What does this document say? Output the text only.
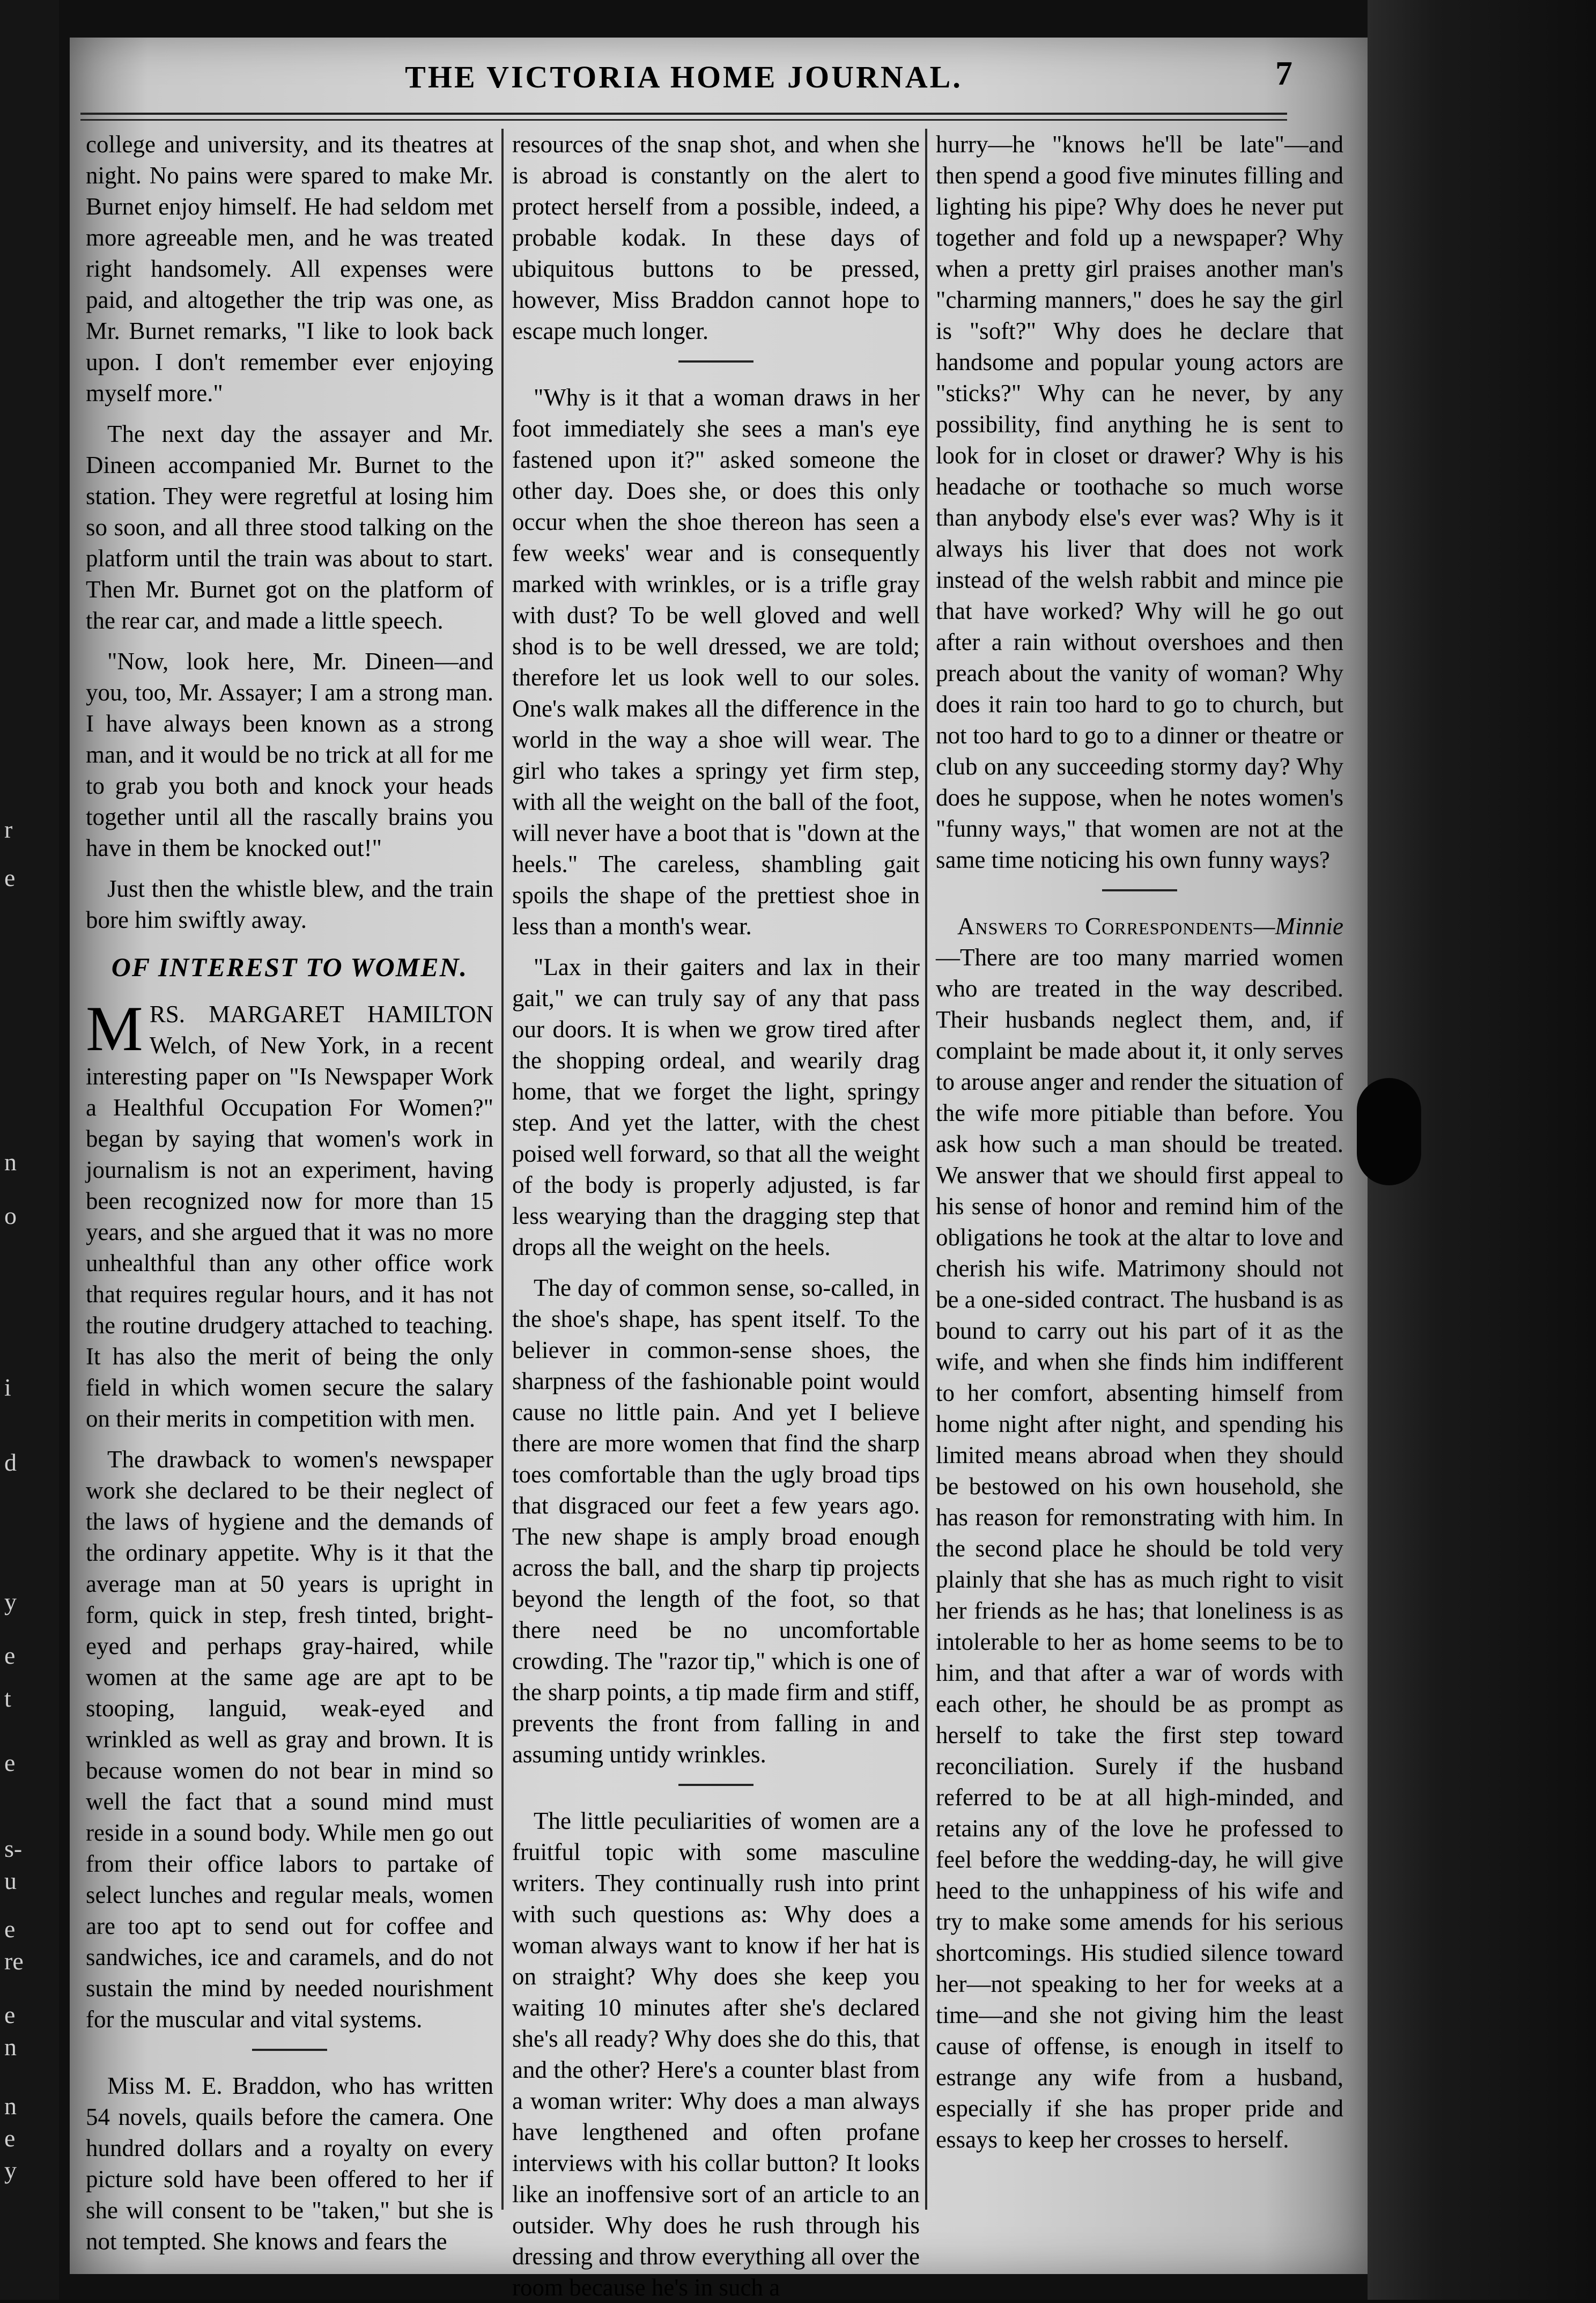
r
e
n
o
i
d
y
e
t
e
s-
u
e
re
e
n
n
e
y
THE VICTORIA HOME JOURNAL.	7

college and university, and its theatres at night. No pains were spared to make Mr. Burnet enjoy himself. He had seldom met more agreeable men, and he was treated right handsomely. All expenses were paid, and altogether the trip was one, as Mr. Burnet remarks, "I like to look back upon. I don't remember ever enjoying myself more."

The next day the assayer and Mr. Dineen accompanied Mr. Burnet to the station. They were regretful at losing him so soon, and all three stood talking on the platform until the train was about to start. Then Mr. Burnet got on the platform of the rear car, and made a little speech.

"Now, look here, Mr. Dineen—and you, too, Mr. Assayer; I am a strong man. I have always been known as a strong man, and it would be no trick at all for me to grab you both and knock your heads together until all the rascally brains you have in them be knocked out!"

Just then the whistle blew, and the train bore him swiftly away.

OF INTEREST TO WOMEN.

M RS. MARGARET HAMILTON Welch, of New York, in a recent interesting paper on "Is Newspaper Work a Healthful Occupation For Women?" began by saying that women's work in journalism is not an experiment, having been recognized now for more than 15 years, and she argued that it was no more unhealthful than any other office work that requires regular hours, and it has not the routine drudgery attached to teaching. It has also the merit of being the only field in which women secure the salary on their merits in competition with men.

The drawback to women's newspaper work she declared to be their neglect of the laws of hygiene and the demands of the ordinary appetite. Why is it that the average man at 50 years is upright in form, quick in step, fresh tinted, bright-eyed and perhaps gray-haired, while women at the same age are apt to be stooping, languid, weak-eyed and wrinkled as well as gray and brown. It is because women do not bear in mind so well the fact that a sound mind must reside in a sound body. While men go out from their office labors to partake of select lunches and regular meals, women are too apt to send out for coffee and sandwiches, ice and caramels, and do not sustain the mind by needed nourishment for the muscular and vital systems.

Miss M. E. Braddon, who has written 54 novels, quails before the camera. One hundred dollars and a royalty on every picture sold have been offered to her if she will consent to be "taken," but she is not tempted. She knows and fears the

resources of the snap shot, and when she is abroad is constantly on the alert to protect herself from a possible, indeed, a probable kodak. In these days of ubiquitous buttons to be pressed, however, Miss Braddon cannot hope to escape much longer.

"Why is it that a woman draws in her foot immediately she sees a man's eye fastened upon it?" asked someone the other day. Does she, or does this only occur when the shoe thereon has seen a few weeks' wear and is consequently marked with wrinkles, or is a trifle gray with dust? To be well gloved and well shod is to be well dressed, we are told; therefore let us look well to our soles. One's walk makes all the difference in the world in the way a shoe will wear. The girl who takes a springy yet firm step, with all the weight on the ball of the foot, will never have a boot that is "down at the heels." The careless, shambling gait spoils the shape of the prettiest shoe in less than a month's wear.

"Lax in their gaiters and lax in their gait," we can truly say of any that pass our doors. It is when we grow tired after the shopping ordeal, and wearily drag home, that we forget the light, springy step. And yet the latter, with the chest poised well forward, so that all the weight of the body is properly adjusted, is far less wearying than the dragging step that drops all the weight on the heels.

The day of common sense, so-called, in the shoe's shape, has spent itself. To the believer in common-sense shoes, the sharpness of the fashionable point would cause no little pain. And yet I believe there are more women that find the sharp toes comfortable than the ugly broad tips that disgraced our feet a few years ago. The new shape is amply broad enough across the ball, and the sharp tip projects beyond the length of the foot, so that there need be no uncomfortable crowding. The "razor tip," which is one of the sharp points, a tip made firm and stiff, prevents the front from falling in and assuming untidy wrinkles.

The little peculiarities of women are a fruitful topic with some masculine writers. They continually rush into print with such questions as: Why does a woman always want to know if her hat is on straight? Why does she keep you waiting 10 minutes after she's declared she's all ready? Why does she do this, that and the other? Here's a counter blast from a woman writer: Why does a man always have lengthened and often profane interviews with his collar button? It looks like an inoffensive sort of an article to an outsider. Why does he rush through his dressing and throw everything all over the room because he's in such a

hurry—he "knows he'll be late"—and then spend a good five minutes filling and lighting his pipe? Why does he never put together and fold up a newspaper? Why when a pretty girl praises another man's "charming manners," does he say the girl is "soft?" Why does he declare that handsome and popular young actors are "sticks?" Why can he never, by any possibility, find anything he is sent to look for in closet or drawer? Why is his headache or toothache so much worse than anybody else's ever was? Why is it always his liver that does not work instead of the welsh rabbit and mince pie that have worked? Why will he go out after a rain without overshoes and then preach about the vanity of woman? Why does it rain too hard to go to church, but not too hard to go to a dinner or theatre or club on any succeeding stormy day? Why does he suppose, when he notes women's "funny ways," that women are not at the same time noticing his own funny ways?

Answers to Correspondents—Minnie —There are too many married women who are treated in the way described. Their husbands neglect them, and, if complaint be made about it, it only serves to arouse anger and render the situation of the wife more pitiable than before. You ask how such a man should be treated. We answer that we should first appeal to his sense of honor and remind him of the obligations he took at the altar to love and cherish his wife. Matrimony should not be a one-sided contract. The husband is as bound to carry out his part of it as the wife, and when she finds him indifferent to her comfort, absenting himself from home night after night, and spending his limited means abroad when they should be bestowed on his own household, she has reason for remonstrating with him. In the second place he should be told very plainly that she has as much right to visit her friends as he has; that loneliness is as intolerable to her as home seems to be to him, and that after a war of words with each other, he should be as prompt as herself to take the first step toward reconciliation. Surely if the husband referred to be at all high-minded, and retains any of the love he professed to feel before the wedding-day, he will give heed to the unhappiness of his wife and try to make some amends for his serious shortcomings. His studied silence toward her—not speaking to her for weeks at a time—and she not giving him the least cause of offense, is enough in itself to estrange any wife from a husband, especially if she has proper pride and essays to keep her crosses to herself.
